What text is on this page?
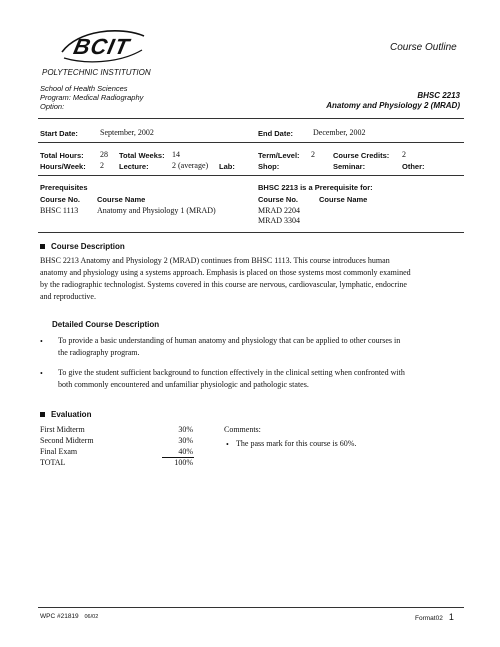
BCIT
POLYTECHNIC INSTITUTION
Course Outline
School of Health Sciences
Program: Medical Radiography
Option:
BHSC 2213
Anatomy and Physiology 2 (MRAD)
Start Date:	September, 2002	End Date: December, 2002
Total Hours: 28 Total Weeks: 14	Term/Level: 2 Course Credits: 2
Hours/Week: 2 Lecture:	2 (average) Lab:	Shop:	Seminar:	Other:
Prerequisites
Course No. Course Name
BHSC 1113 Anatomy and Physiology 1 (MRAD)
BHSC 2213 is a Prerequisite for:
Course No.	Course Name
MRAD 2204
MRAD 3304
Course Description
BHSC 2213 Anatomy and Physiology 2 (MRAD) continues from BHSC 1113. This course introduces human
anatomy and physiology using a systems approach. Emphasis is placed on those systems most commonly examined
by the radiographic technologist. Systems covered in this course are nervous, cardiovascular, lymphatic, endocrine
and reproductive.
Detailed Course Description
• To provide a basic understanding of human anatomy and physiology that can be applied to other courses in
the radiography program.
• To give the student sufficient background to function effectively in the clinical setting when confronted with
both commonly encountered and unfamiliar physiologic and pathologic states.
Evaluation
First Midterm	30%
Second Midterm	30%
Final Exam	40%
TOTAL	100%
Comments:
• The pass mark for this course is 60%.
WPC #21819 06/02	Format02 1
